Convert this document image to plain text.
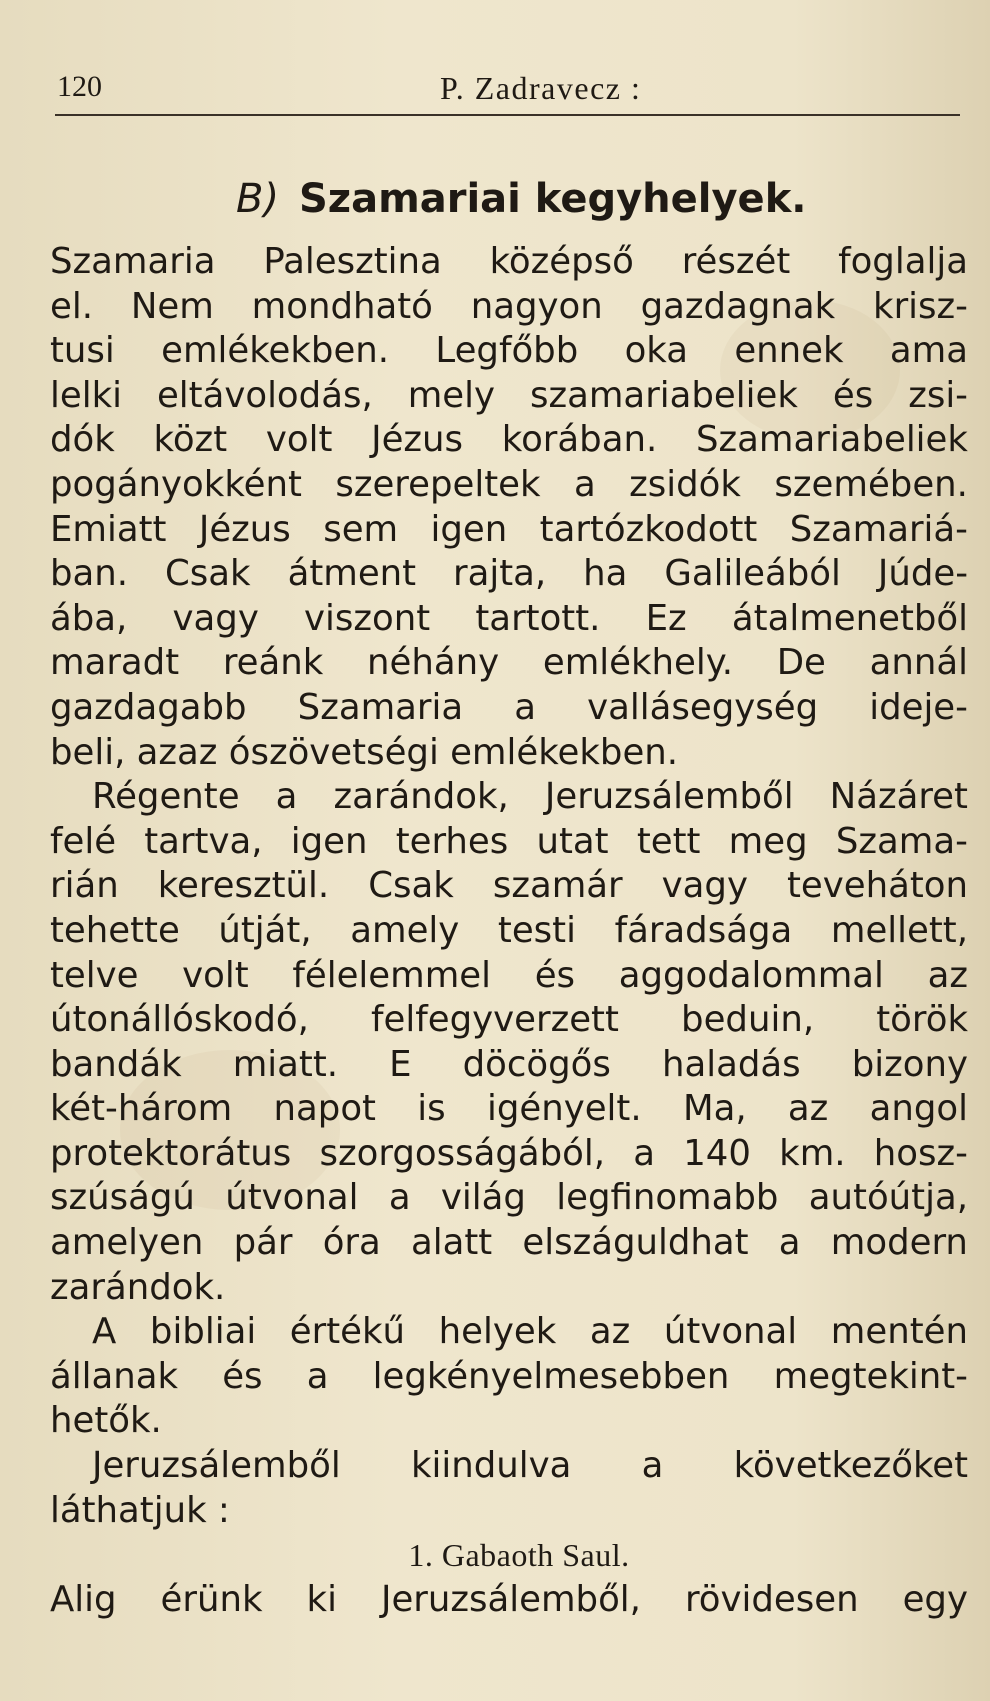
120	P. Zadravecz :
B) Szamariai kegyhelyek.
Szamaria Palesztina középső részét foglalja
el. Nem mondható nagyon gazdagnak krisz-
tusi emlékekben. Legfőbb oka ennek ama
lelki eltávolodás, mely szamariabeliek és zsi-
dók közt volt Jézus korában. Szamariabeliek
pogányokként szerepeltek a zsidók szemében.
Emiatt Jézus sem igen tartózkodott Szamariá-
ban. Csak átment rajta, ha Galileából Júde-
ába, vagy viszont tartott. Ez átalmenetből
maradt reánk néhány emlékhely. De annál
gazdagabb Szamaria a vallásegység ideje-
beli, azaz ószövetségi emlékekben.
Régente a zarándok, Jeruzsálemből Názáret
felé tartva, igen terhes utat tett meg Szama-
rián keresztül. Csak szamár vagy teveháton
tehette útját, amely testi fáradsága mellett,
telve volt félelemmel és aggodalommal az
útonállóskodó, felfegyverzett beduin, török
bandák miatt. E döcögős haladás bizony
két-három napot is igényelt. Ma, az angol
protektorátus szorgosságából, a 140 km. hosz-
szúságú útvonal a világ legfinomabb autóútja,
amelyen pár óra alatt elszáguldhat a modern
zarándok.
A bibliai értékű helyek az útvonal mentén
állanak és a legkényelmesebben megtekint-
hetők.
Jeruzsálemből kiindulva a következőket
láthatjuk :
1. Gabaoth Saul.
Alig érünk ki Jeruzsálemből, rövidesen egy
